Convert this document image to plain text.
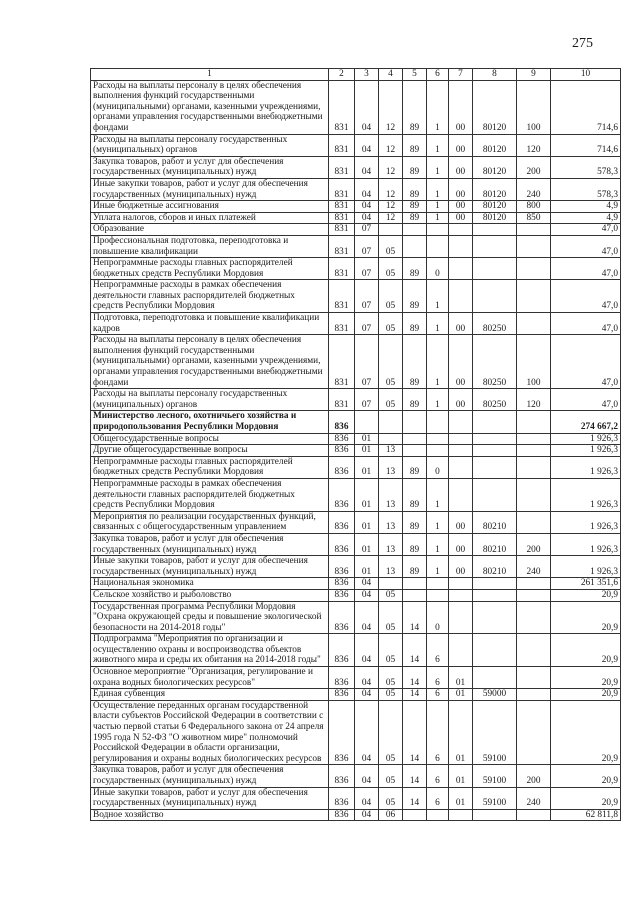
275
1	2	3	4	5	6	7	8	9	10
Расходы на выплаты персоналу в целях обеспечения выполнения функций государственными (муниципальными) органами, казенными учреждениями, органами управления государственными внебюджетными фондами	831	04	12	89	1	00	80120	100	714,6
Расходы на выплаты персоналу государственных (муниципальных) органов	831	04	12	89	1	00	80120	120	714,6
Закупка товаров, работ и услуг для обеспечения государственных (муниципальных) нужд	831	04	12	89	1	00	80120	200	578,3
Иные закупки товаров, работ и услуг для обеспечения государственных (муниципальных) нужд	831	04	12	89	1	00	80120	240	578,3
Иные бюджетные ассигнования	831	04	12	89	1	00	80120	800	4,9
Уплата налогов, сборов и иных платежей	831	04	12	89	1	00	80120	850	4,9
Образование	831	07							47,0
Профессиональная подготовка, переподготовка и повышение квалификации	831	07	05						47,0
Непрограммные расходы главных распорядителей бюджетных средств Республики Мордовия	831	07	05	89	0				47,0
Непрограммные расходы в рамках обеспечения деятельности главных распорядителей бюджетных средств Республики Мордовия	831	07	05	89	1				47,0
Подготовка, переподготовка и повышение квалификации кадров	831	07	05	89	1	00	80250		47,0
Расходы на выплаты персоналу в целях обеспечения выполнения функций государственными (муниципальными) органами, казенными учреждениями, органами управления государственными внебюджетными фондами	831	07	05	89	1	00	80250	100	47,0
Расходы на выплаты персоналу государственных (муниципальных) органов	831	07	05	89	1	00	80250	120	47,0
Министерство лесного, охотничьего хозяйства и природопользования Республики Мордовия	836								274 667,2
Общегосударственные вопросы	836	01							1 926,3
Другие общегосударственные вопросы	836	01	13						1 926,3
Непрограммные расходы главных распорядителей бюджетных средств Республики Мордовия	836	01	13	89	0				1 926,3
Непрограммные расходы в рамках обеспечения деятельности главных распорядителей бюджетных средств Республики Мордовия	836	01	13	89	1				1 926,3
Мероприятия по реализации государственных функций, связанных с общегосударственным управлением	836	01	13	89	1	00	80210		1 926,3
Закупка товаров, работ и услуг для обеспечения государственных (муниципальных) нужд	836	01	13	89	1	00	80210	200	1 926,3
Иные закупки товаров, работ и услуг для обеспечения государственных (муниципальных) нужд	836	01	13	89	1	00	80210	240	1 926,3
Национальная экономика	836	04							261 351,6
Сельское хозяйство и рыболовство	836	04	05						20,9
Государственная программа Республики Мордовия "Охрана окружающей среды и повышение экологической безопасности на 2014-2018 годы"	836	04	05	14	0				20,9
Подпрограмма "Мероприятия по организации и осуществлению охраны и воспроизводства объектов животного мира и среды их обитания на 2014-2018 годы"	836	04	05	14	6				20,9
Основное мероприятие "Организация, регулирование и охрана водных биологических ресурсов"	836	04	05	14	6	01			20,9
Единая субвенция	836	04	05	14	6	01	59000		20,9
Осуществление переданных органам государственной власти субъектов Российской Федерации в соответствии с частью первой статьи 6 Федерального закона от 24 апреля 1995 года N 52-ФЗ "О животном мире" полномочий Российской Федерации в области организации, регулирования и охраны водных биологических ресурсов	836	04	05	14	6	01	59100		20,9
Закупка товаров, работ и услуг для обеспечения государственных (муниципальных) нужд	836	04	05	14	6	01	59100	200	20,9
Иные закупки товаров, работ и услуг для обеспечения государственных (муниципальных) нужд	836	04	05	14	6	01	59100	240	20,9
Водное хозяйство	836	04	06						62 811,8
